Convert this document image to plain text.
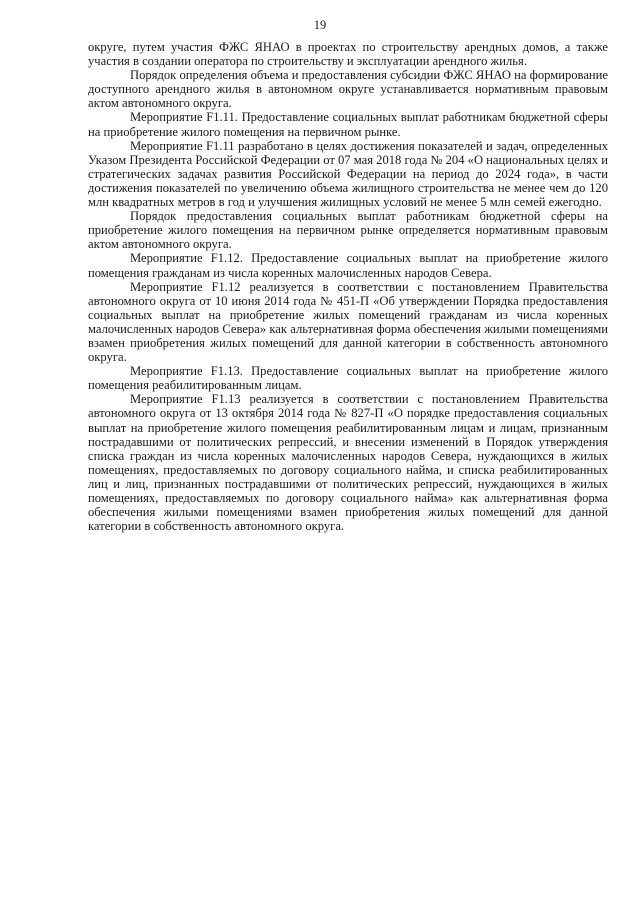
19

округе, путем участия ФЖС ЯНАО в проектах по строительству арендных домов, а также участия в создании оператора по строительству и эксплуатации арендного жилья.

Порядок определения объема и предоставления субсидии ФЖС ЯНАО на формирование доступного арендного жилья в автономном округе устанавливается нормативным правовым актом автономного округа.

Мероприятие F1.11. Предоставление социальных выплат работникам бюджетной сферы на приобретение жилого помещения на первичном рынке.

Мероприятие F1.11 разработано в целях достижения показателей и задач, определенных Указом Президента Российской Федерации от 07 мая 2018 года № 204 «О национальных целях и стратегических задачах развития Российской Федерации на период до 2024 года», в части достижения показателей по увеличению объема жилищного строительства не менее чем до 120 млн квадратных метров в год и улучшения жилищных условий не менее 5 млн семей ежегодно.

Порядок предоставления социальных выплат работникам бюджетной сферы на приобретение жилого помещения на первичном рынке определяется нормативным правовым актом автономного округа.

Мероприятие F1.12. Предоставление социальных выплат на приобретение жилого помещения гражданам из числа коренных малочисленных народов Севера.

Мероприятие F1.12 реализуется в соответствии с постановлением Правительства автономного округа от 10 июня 2014 года № 451-П «Об утверждении Порядка предоставления социальных выплат на приобретение жилых помещений гражданам из числа коренных малочисленных народов Севера» как альтернативная форма обеспечения жилыми помещениями взамен приобретения жилых помещений для данной категории в собственность автономного округа.

Мероприятие F1.13. Предоставление социальных выплат на приобретение жилого помещения реабилитированным лицам.

Мероприятие F1.13 реализуется в соответствии с постановлением Правительства автономного округа от 13 октября 2014 года № 827-П «О порядке предоставления социальных выплат на приобретение жилого помещения реабилитированным лицам и лицам, признанным пострадавшими от политических репрессий, и внесении изменений в Порядок утверждения списка граждан из числа коренных малочисленных народов Севера, нуждающихся в жилых помещениях, предоставляемых по договору социального найма, и списка реабилитированных лиц и лиц, признанных пострадавшими от политических репрессий, нуждающихся в жилых помещениях, предоставляемых по договору социального найма» как альтернативная форма обеспечения жилыми помещениями взамен приобретения жилых помещений для данной категории в собственность автономного округа.
